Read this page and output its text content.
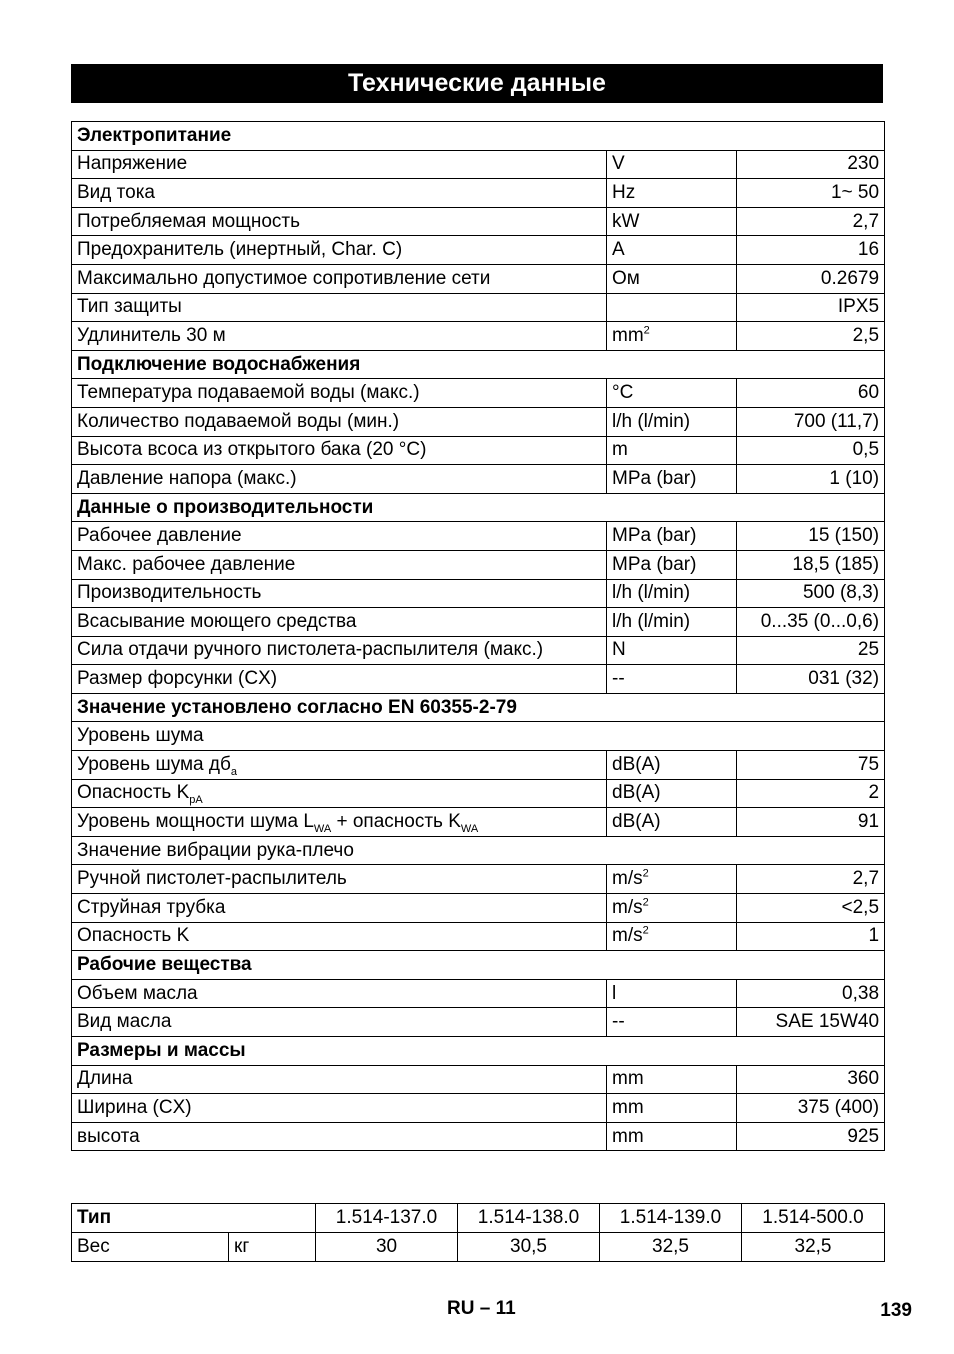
Технические данные
Электропитание		
Напряжение	V	230
Вид тока	Hz	1~ 50
Потребляемая мощность	kW	2,7
Предохранитель (инертный, Char. C)	A	16
Максимально допустимое сопротивление сети	Ом	0.2679
Тип защиты		IPX5
Удлинитель 30 м	$mm^2$	2,5
Подключение водоснабжения		
Температура подаваемой воды (макс.)	°C	60
Количество подаваемой воды (мин.)	l/h (l/min)	700 (11,7)
Высота всоса из открытого бака (20 °C)	m	0,5
Давление напора (макс.)	MPa (bar)	1 (10)
Данные о производительности		
Рабочее давление	MPa (bar)	15 (150)
Макс. рабочее давление	MPa (bar)	18,5 (185)
Производительность	l/h (l/min)	500 (8,3)
Всасывание моющего средства	l/h (l/min)	0...35 (0...0,6)
Сила отдачи ручного пистолета-распылителя (макс.)	N	25
Размер форсунки (CX)	--	031 (32)
Значение установлено согласно EN 60355-2-79		
Уровень шума		
Уровень шума $дб_a$	dB(A)	75
Опасность $K_{pA}$	dB(A)	2
Уровень мощности шума $L_{WA}$ + опасность $K_{WA}$	dB(A)	91
Значение вибрации рука-плечо		
Ручной пистолет-распылитель	$m/s^2$	2,7
Струйная трубка	$m/s^2$	<2,5
Опасность K	$m/s^2$	1
Рабочие вещества		
Объем масла	l	0,38
Вид масла	--	SAE 15W40
Размеры и массы		
Длина	mm	360
Ширина (CX)	mm	375 (400)
высота	mm	925
Тип		1.514-137.0	1.514-138.0	1.514-139.0	1.514-500.0
Вес	кг	30	30,5	32,5	32,5
RU – 11	139
